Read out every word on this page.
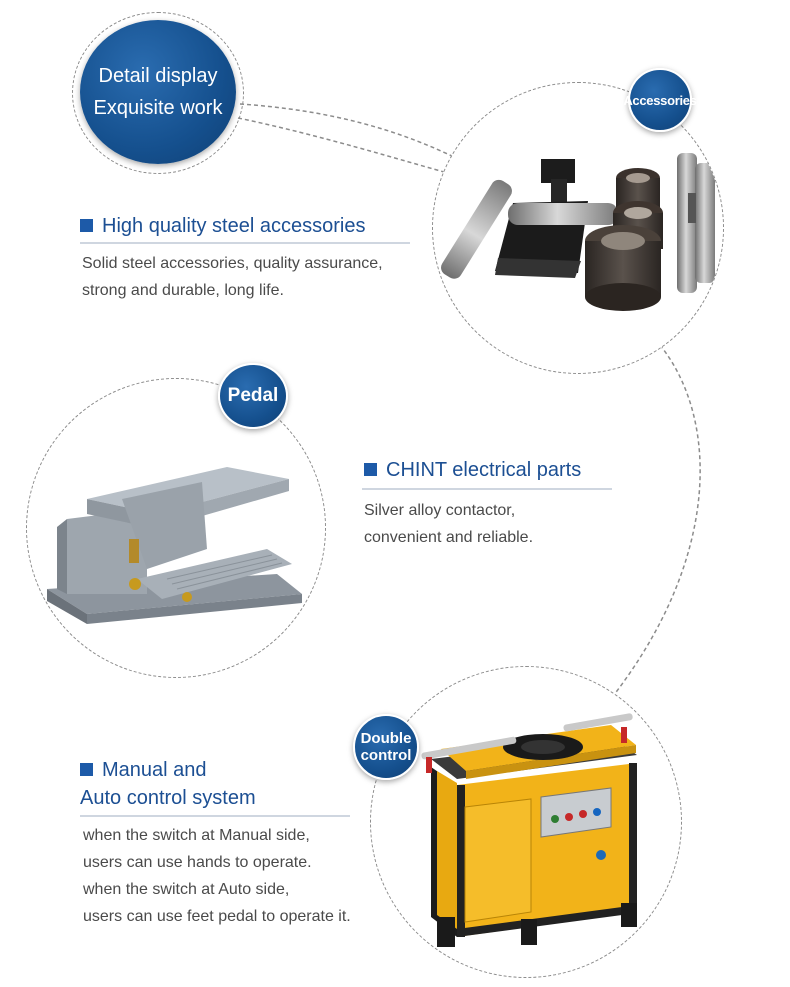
Detail display
Exquisite work	Accessories
High quality steel accessories
Solid steel accessories, quality assurance,
strong and durable, long life.
Pedal
CHINT electrical parts
Silver alloy contactor,
convenient and reliable.
Double
control
Manual and
Auto control system
when the switch at Manual side,
users can use hands to operate.
when the switch at Auto side,
users can use feet pedal to operate it.
